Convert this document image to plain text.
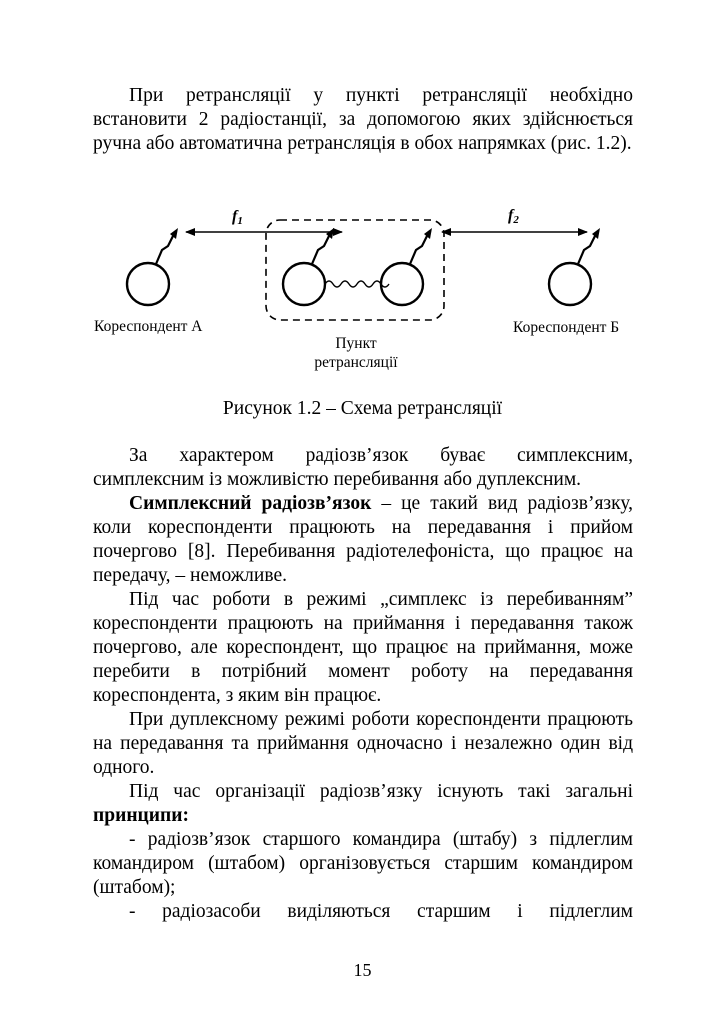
При ретрансляції у пункті ретрансляції необхідно встановити 2 радіостанції, за допомогою яких здійснюється ручна або автоматична ретрансляція в обох напрямках (рис. 1.2).

f1	f2
Кореспондент А	Кореспондент Б
Пункт
ретрансляції
Рисунок 1.2 – Схема ретрансляції

За характером радіозв’язок буває симплексним, симплексним із можливістю перебивання або дуплексним.

Симплексний радіозв’язок – це такий вид радіозв’язку, коли кореспонденти працюють на передавання і прийом почергово [8]. Перебивання радіотелефоніста, що працює на передачу, – неможливе.

Під час роботи в режимі „симплекс із перебиванням” кореспонденти працюють на приймання і передавання також почергово, але кореспондент, що працює на приймання, може перебити в потрібний момент роботу на передавання кореспондента, з яким він працює.

При дуплексному режимі роботи кореспонденти працюють на передавання та приймання одночасно і незалежно один від одного.

Під час організації радіозв’язку існують такі загальні принципи:

- радіозв’язок старшого командира (штабу) з підлеглим командиром (штабом) організовується старшим командиром (штабом);

- радіозасоби виділяються старшим і підлеглим

15
